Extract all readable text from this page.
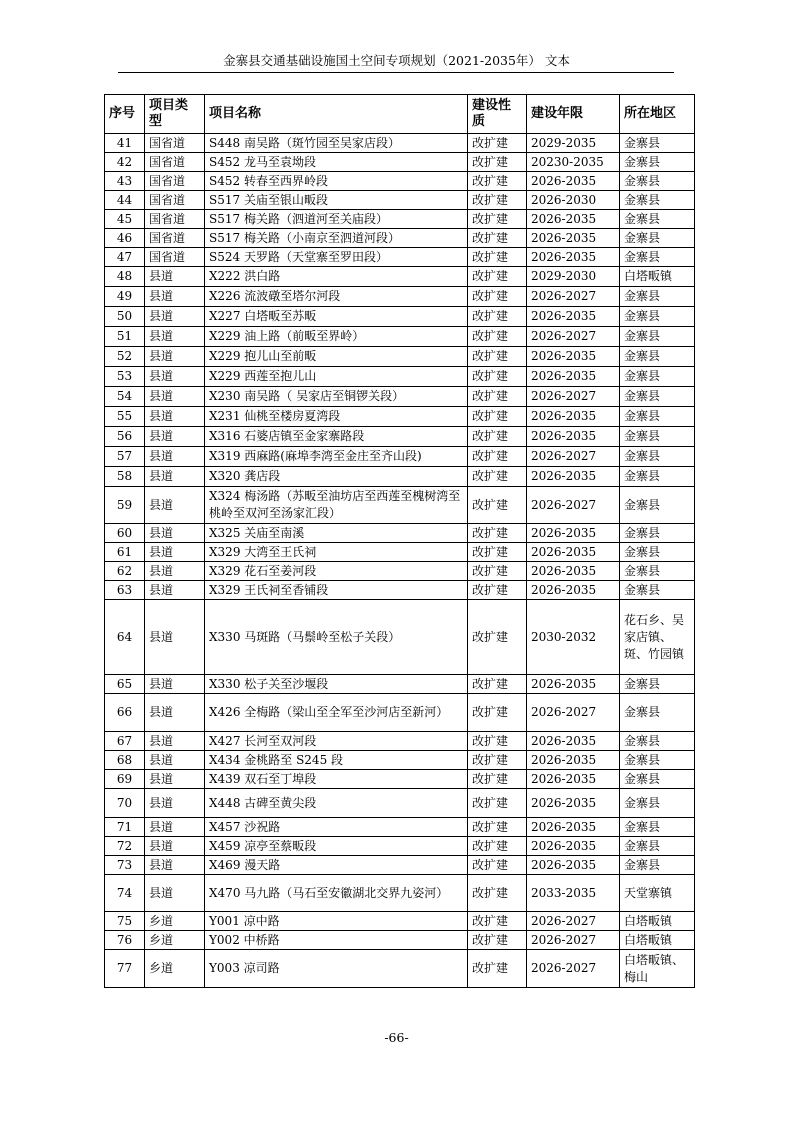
金寨县交通基础设施国土空间专项规划（2021-2035年） 文本
序号	项目类型	项目名称	建设性质	建设年限	所在地区
41	国省道	S448 南吴路（斑竹园至吴家店段）	改扩建	2029-2035	金寨县
42	国省道	S452 龙马至袁坳段	改扩建	20230-2035	金寨县
43	国省道	S452 转春至西界岭段	改扩建	2026-2035	金寨县
44	国省道	S517 关庙至银山畈段	改扩建	2026-2030	金寨县
45	国省道	S517 梅关路（泗道河至关庙段）	改扩建	2026-2035	金寨县
46	国省道	S517 梅关路（小南京至泗道河段）	改扩建	2026-2035	金寨县
47	国省道	S524 天罗路（天堂寨至罗田段）	改扩建	2026-2035	金寨县
48	县道	X222 洪白路	改扩建	2029-2030	白塔畈镇
49	县道	X226 流波礅至塔尔河段	改扩建	2026-2027	金寨县
50	县道	X227 白塔畈至苏畈	改扩建	2026-2035	金寨县
51	县道	X229 油上路（前畈至界岭）	改扩建	2026-2027	金寨县
52	县道	X229 抱儿山至前畈	改扩建	2026-2035	金寨县
53	县道	X229 西莲至抱儿山	改扩建	2026-2035	金寨县
54	县道	X230 南吴路（ 吴家店至铜锣关段）	改扩建	2026-2027	金寨县
55	县道	X231 仙桃至楼房夏湾段	改扩建	2026-2035	金寨县
56	县道	X316 石婆店镇至金家寨路段	改扩建	2026-2035	金寨县
57	县道	X319 西麻路(麻埠李湾至金庄至齐山段)	改扩建	2026-2027	金寨县
58	县道	X320 龚店段	改扩建	2026-2035	金寨县
59	县道	X324 梅汤路（苏畈至油坊店至西莲至槐树湾至桃岭至双河至汤家汇段）	改扩建	2026-2027	金寨县
60	县道	X325 关庙至南溪	改扩建	2026-2035	金寨县
61	县道	X329 大湾至王氏祠	改扩建	2026-2035	金寨县
62	县道	X329 花石至姜河段	改扩建	2026-2035	金寨县
63	县道	X329 王氏祠至香铺段	改扩建	2026-2035	金寨县
64	县道	X330 马斑路（马鬃岭至松子关段）	改扩建	2030-2032	花石乡、吴家店镇、斑、竹园镇
65	县道	X330 松子关至沙堰段	改扩建	2026-2035	金寨县
66	县道	X426 全梅路（梁山至全军至沙河店至新河）	改扩建	2026-2027	金寨县
67	县道	X427 长河至双河段	改扩建	2026-2035	金寨县
68	县道	X434 金桃路至 S245 段	改扩建	2026-2035	金寨县
69	县道	X439 双石至丁埠段	改扩建	2026-2035	金寨县
70	县道	X448 古碑至黄尖段	改扩建	2026-2035	金寨县
71	县道	X457 沙祝路	改扩建	2026-2035	金寨县
72	县道	X459 凉亭至蔡畈段	改扩建	2026-2035	金寨县
73	县道	X469 漫天路	改扩建	2026-2035	金寨县
74	县道	X470 马九路（马石至安徽湖北交界九姿河）	改扩建	2033-2035	天堂寨镇
75	乡道	Y001 凉中路	改扩建	2026-2027	白塔畈镇
76	乡道	Y002 中桥路	改扩建	2026-2027	白塔畈镇
77	乡道	Y003 凉司路	改扩建	2026-2027	白塔畈镇、 梅山
-66-
